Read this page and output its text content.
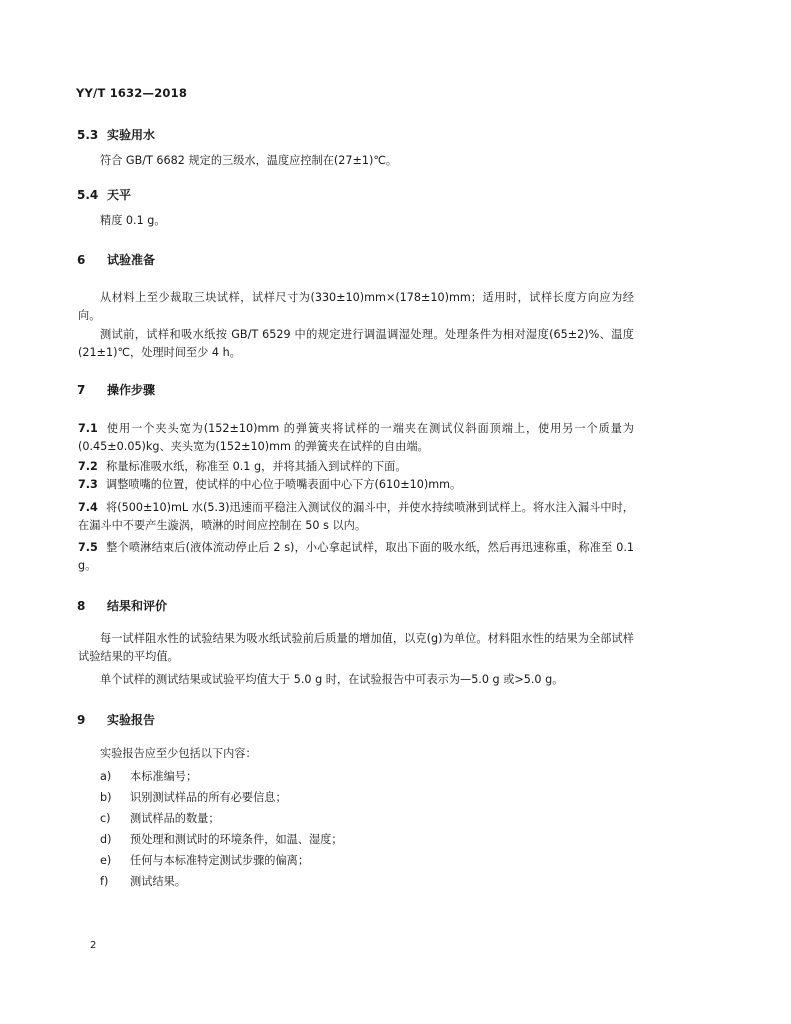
YY/T 1632—2018
5.3 实验用水
符合 GB/T 6682 规定的三级水，温度应控制在(27±1)℃。
5.4 天平
精度 0.1 g。
6 试验准备
从材料上至少裁取三块试样，试样尺寸为(330±10)mm×(178±10)mm；适用时，试样长度方向应为经向。
测试前，试样和吸水纸按 GB/T 6529 中的规定进行调温调湿处理。处理条件为相对湿度(65±2)%、温度(21±1)℃，处理时间至少 4 h。
7 操作步骤
7.1 使用一个夹头宽为(152±10)mm 的弹簧夹将试样的一端夹在测试仪斜面顶端上，使用另一个质量为(0.45±0.05)kg、夹头宽为(152±10)mm 的弹簧夹在试样的自由端。
7.2 称量标准吸水纸，称准至 0.1 g，并将其插入到试样的下面。
7.3 调整喷嘴的位置，使试样的中心位于喷嘴表面中心下方(610±10)mm。
7.4 将(500±10)mL 水(5.3)迅速而平稳注入测试仪的漏斗中，并使水持续喷淋到试样上。将水注入漏斗中时，在漏斗中不要产生漩涡，喷淋的时间应控制在 50 s 以内。
7.5 整个喷淋结束后(液体流动停止后 2 s)，小心拿起试样，取出下面的吸水纸，然后再迅速称重，称准至 0.1 g。
8 结果和评价
每一试样阻水性的试验结果为吸水纸试验前后质量的增加值，以克(g)为单位。材料阻水性的结果为全部试样试验结果的平均值。
单个试样的测试结果或试验平均值大于 5.0 g 时，在试验报告中可表示为—5.0 g 或>5.0 g。
9 实验报告
实验报告应至少包括以下内容：
a) 本标准编号；
b) 识别测试样品的所有必要信息；
c) 测试样品的数量；
d) 预处理和测试时的环境条件，如温、湿度；
e) 任何与本标准特定测试步骤的偏离；
f) 测试结果。
2
